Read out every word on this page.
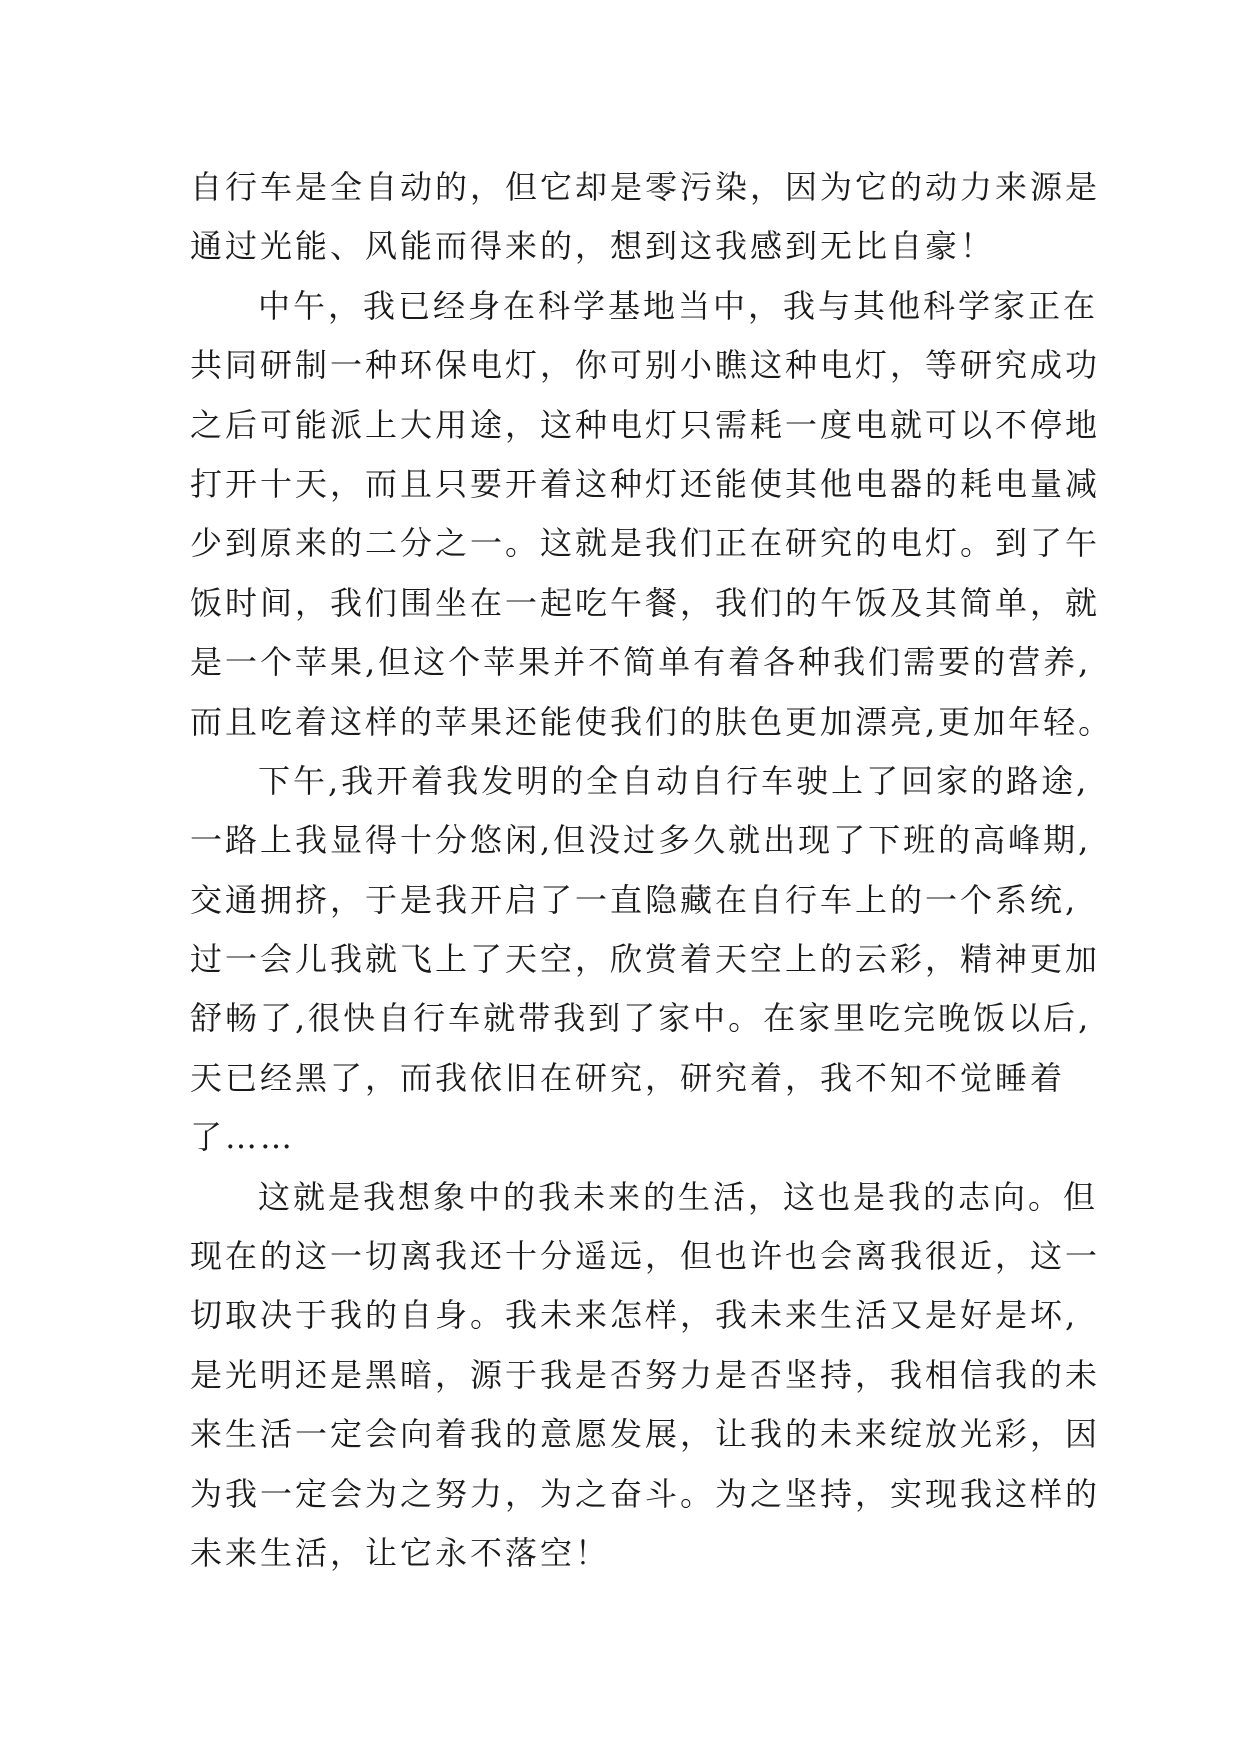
自行车是全自动的，但它却是零污染，因为它的动力来源是
通过光能、风能而得来的，想到这我感到无比自豪！
中午，我已经身在科学基地当中，我与其他科学家正在
共同研制一种环保电灯，你可别小瞧这种电灯，等研究成功
之后可能派上大用途，这种电灯只需耗一度电就可以不停地
打开十天，而且只要开着这种灯还能使其他电器的耗电量减
少到原来的二分之一。这就是我们正在研究的电灯。到了午
饭时间，我们围坐在一起吃午餐，我们的午饭及其简单，就
是一个苹果,但这个苹果并不简单有着各种我们需要的营养,
而且吃着这样的苹果还能使我们的肤色更加漂亮,更加年轻。
下午,我开着我发明的全自动自行车驶上了回家的路途,
一路上我显得十分悠闲,但没过多久就出现了下班的高峰期,
交通拥挤，于是我开启了一直隐藏在自行车上的一个系统,
过一会儿我就飞上了天空，欣赏着天空上的云彩，精神更加
舒畅了,很快自行车就带我到了家中。在家里吃完晚饭以后,
天已经黑了，而我依旧在研究，研究着，我不知不觉睡着
了……
这就是我想象中的我未来的生活，这也是我的志向。但
现在的这一切离我还十分遥远，但也许也会离我很近，这一
切取决于我的自身。我未来怎样，我未来生活又是好是坏,
是光明还是黑暗，源于我是否努力是否坚持，我相信我的未
来生活一定会向着我的意愿发展，让我的未来绽放光彩，因
为我一定会为之努力，为之奋斗。为之坚持，实现我这样的
未来生活，让它永不落空！
